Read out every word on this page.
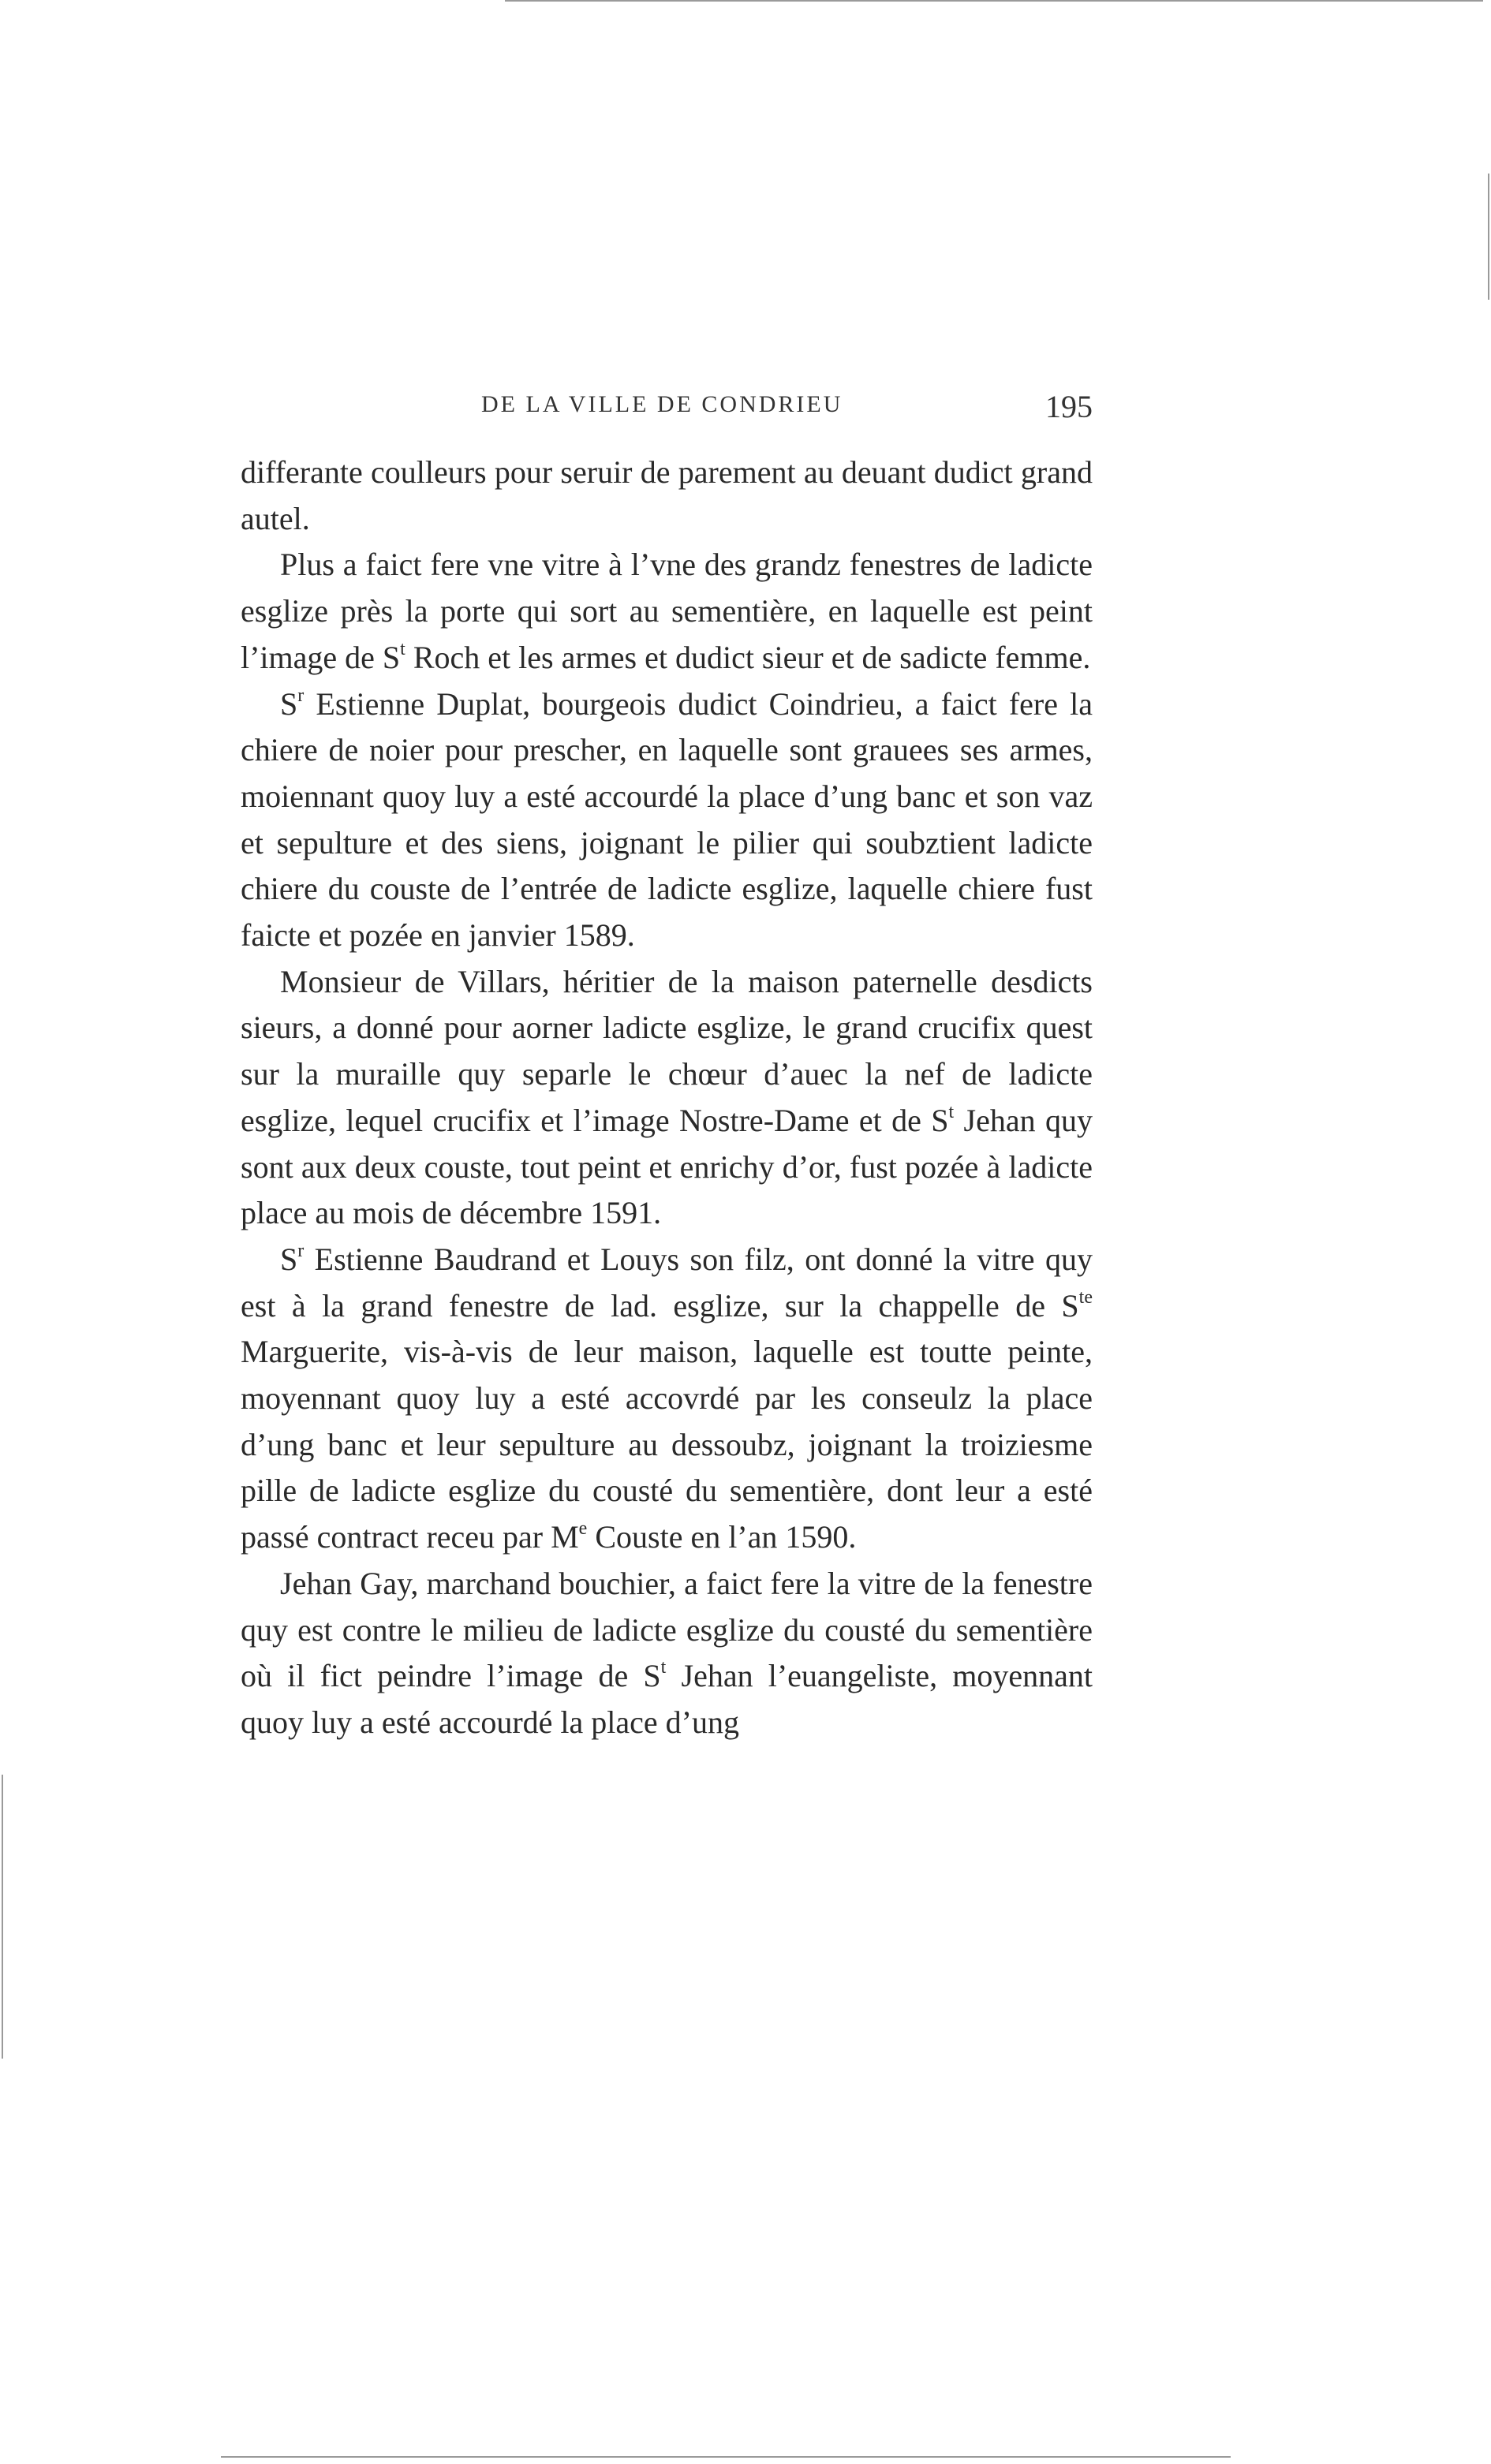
DE LA VILLE DE CONDRIEU	195

differante coulleurs pour seruir de parement au deuant dudict grand autel.

Plus a faict fere vne vitre à l’vne des grandz fenestres de ladicte esglize près la porte qui sort au sementière, en laquelle est peint l’image de $S^t$ Roch et les armes et dudict sieur et de sadicte femme.

$S^r$ Estienne Duplat, bourgeois dudict Coindrieu, a faict fere la chiere de noier pour prescher, en laquelle sont grauees ses armes, moiennant quoy luy a esté accourdé la place d’ung banc et son vaz et sepulture et des siens, joignant le pilier qui soubztient ladicte chiere du couste de l’entrée de ladicte esglize, laquelle chiere fust faicte et pozée en janvier 1589.

Monsieur de Villars, héritier de la maison paternelle desdicts sieurs, a donné pour aorner ladicte esglize, le grand crucifix quest sur la muraille quy separle le chœur d’auec la nef de ladicte esglize, lequel crucifix et l’image Nostre-Dame et de $S^t$ Jehan quy sont aux deux couste, tout peint et enrichy d’or, fust pozée à ladicte place au mois de décembre 1591.

$S^r$ Estienne Baudrand et Louys son filz, ont donné la vitre quy est à la grand fenestre de lad. esglize, sur la chappelle de $S^{te}$ Marguerite, vis-à-vis de leur maison, laquelle est toutte peinte, moyennant quoy luy a esté accovrdé par les conseulz la place d’ung banc et leur sepulture au dessoubz, joignant la troiziesme pille de ladicte esglize du cousté du sementière, dont leur a esté passé contract receu par Me Couste en l’an 1590.

Jehan Gay, marchand bouchier, a faict fere la vitre de la fenestre quy est contre le milieu de ladicte esglize du cousté du sementière où il fict peindre l’image de $S^t$ Jehan l’euangeliste, moyennant quoy luy a esté accourdé la place d’ung
